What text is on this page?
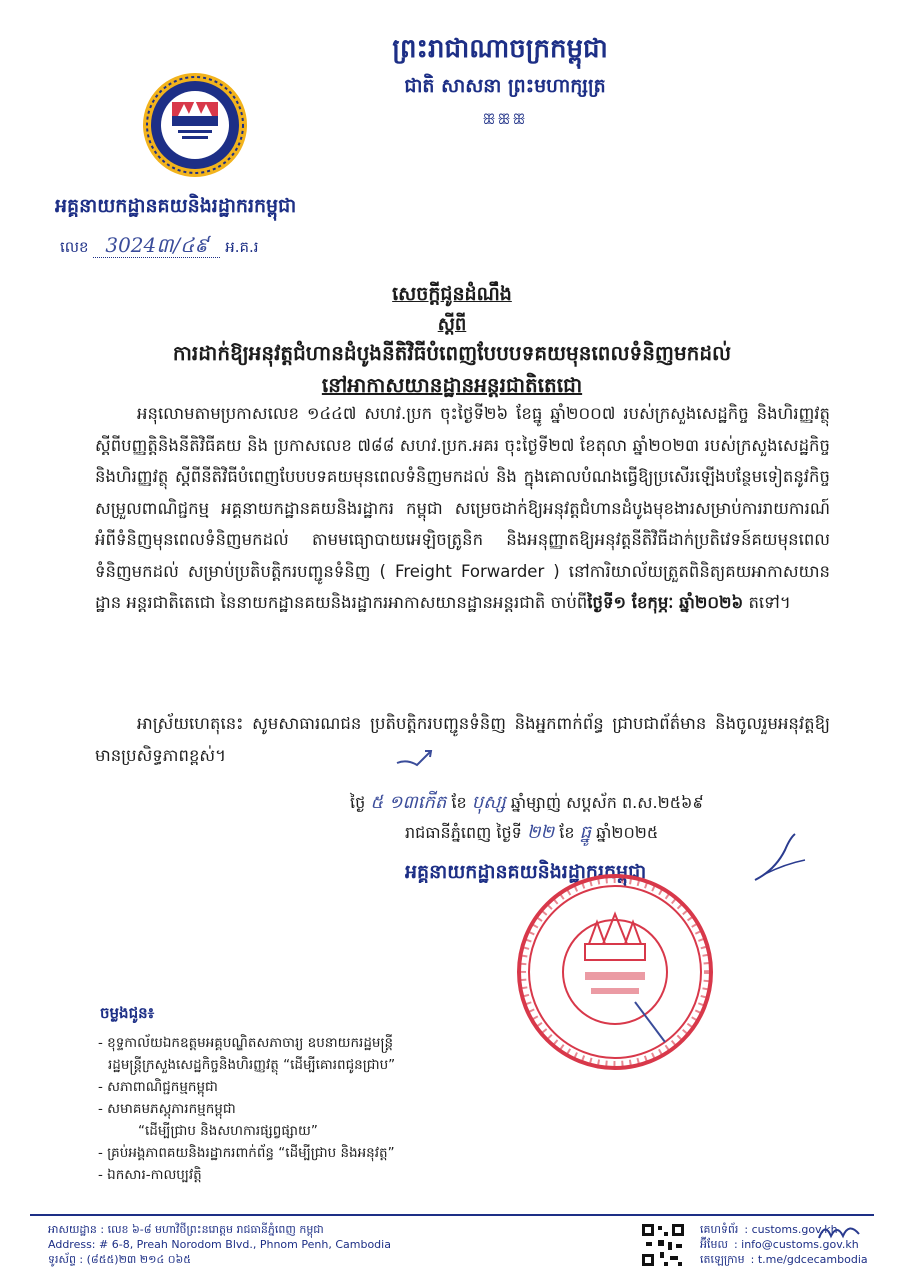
ព្រះរាជាណាចក្រកម្ពុជា
ជាតិ សាសនា ព្រះមហាក្សត្រ
ꕥꕥꕥ
អគ្គនាយកដ្ឋានគយនិងរដ្ឋាករកម្ពុជា
លេខ 3024៣/៤៩ អ.គ.រ
សេចក្ដីជូនដំណឹង
ស្ដីពី
ការដាក់ឱ្យអនុវត្តជំហានដំបូងនីតិវិធីបំពេញបែបបទគយមុនពេលទំនិញមកដល់
នៅអាកាសយានដ្ឋានអន្តរជាតិតេជោ
អនុលោមតាមប្រកាសលេខ ១៤៤៧ សហវ.ប្រក ចុះថ្ងៃទី២៦ ខែធ្នូ ឆ្នាំ២០០៧ របស់ក្រសួងសេដ្ឋកិច្ច និងហិរញ្ញវត្ថុ ស្ដីពីបញ្ញត្តិនិងនីតិវិធីគយ និង ប្រកាសលេខ ៧៨៨ សហវ.ប្រក.អគរ ចុះថ្ងៃទី២៧ ខែតុលា ឆ្នាំ២០២៣ របស់ក្រសួងសេដ្ឋកិច្ចនិងហិរញ្ញវត្ថុ ស្ដីពីនីតិវិធីបំពេញបែបបទគយមុនពេលទំនិញមកដល់ និង ក្នុងគោលបំណងធ្វើឱ្យប្រសើរឡើងបន្ថែមទៀតនូវកិច្ចសម្រួលពាណិជ្ជកម្ម អគ្គនាយកដ្ឋានគយនិងរដ្ឋាករ កម្ពុជា សម្រេចដាក់ឱ្យអនុវត្តជំហានដំបូងមុខងារសម្រាប់ការរាយការណ៍អំពីទំនិញមុនពេលទំនិញមកដល់ តាមមធ្យោបាយអេឡិចត្រូនិក និងអនុញ្ញាតឱ្យអនុវត្តនីតិវិធីដាក់ប្រតិវេទន៍គយមុនពេលទំនិញមកដល់ សម្រាប់ប្រតិបត្តិករបញ្ជូនទំនិញ ( Freight Forwarder ) នៅការិយាល័យត្រួតពិនិត្យគយអាកាសយានដ្ឋាន អន្តរជាតិតេជោ នៃនាយកដ្ឋានគយនិងរដ្ឋាករអាកាសយានដ្ឋានអន្តរជាតិ ចាប់ពីថ្ងៃទី១ ខែកុម្ភៈ ឆ្នាំ២០២៦ តទៅ។
អាស្រ័យហេតុនេះ សូមសាធារណជន ប្រតិបត្តិករបញ្ជូនទំនិញ និងអ្នកពាក់ព័ន្ធ ជ្រាបជាព័ត៌មាន និងចូលរួមអនុវត្តឱ្យមានប្រសិទ្ធភាពខ្ពស់។
ថ្ងៃ ៥ ១៣កើត ខែ បុស្ស ឆ្នាំម្សាញ់ សប្តស័ក ព.ស.២៥៦៩
រាជធានីភ្នំពេញ ថ្ងៃទី ២២ ខែ ធ្នូ ឆ្នាំ២០២៥
អគ្គនាយកដ្ឋានគយនិងរដ្ឋាករកម្ពុជា
ចម្លងជូន៖
- ខុទ្ទកាល័យឯកឧត្តមអគ្គបណ្ឌិតសភាចារ្យ ឧបនាយករដ្ឋមន្ត្រី
រដ្ឋមន្ត្រីក្រសួងសេដ្ឋកិច្ចនិងហិរញ្ញវត្ថុ “ដើម្បីគោរពជូនជ្រាប”
- សភាពាណិជ្ជកម្មកម្ពុជា
- សមាគមភស្តុភារកម្មកម្ពុជា
“ដើម្បីជ្រាប និងសហការផ្សព្វផ្សាយ”
- គ្រប់អង្គភាពគយនិងរដ្ឋាករពាក់ព័ន្ធ “ដើម្បីជ្រាប និងអនុវត្ត”
- ឯកសារ-កាលប្បវត្តិ
អាសយដ្ឋាន : លេខ ៦-៨ មហាវិថីព្រះនរោត្តម រាជធានីភ្នំពេញ កម្ពុជា
Address: # 6-8, Preah Norodom Blvd., Phnom Penh, Cambodia
ទូរស័ព្ទ : (៨៥៥)២៣ ២១៤ ០៦៥
គេហទំព័រ : customs.gov.kh
អ៊ីមែល : info@customs.gov.kh
តេឡេក្រាម : t.me/gdcecambodia
